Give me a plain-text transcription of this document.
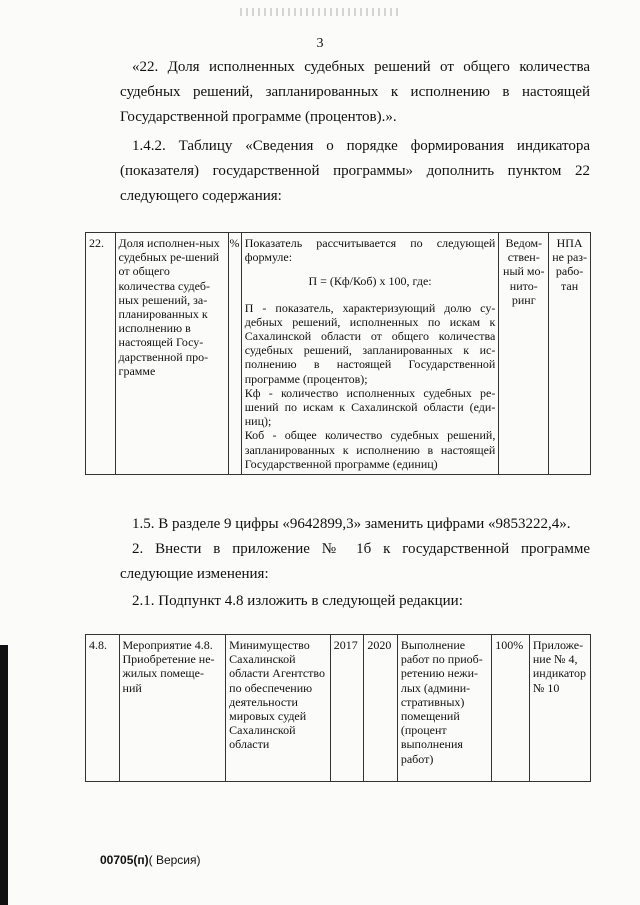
3
«22. Доля исполненных судебных решений от общего количества судебных решений, запланированных к исполнению в настоящей Государственной программе (процентов).».
1.4.2. Таблицу «Сведения о порядке формирования индикатора (показателя) государственной программы» дополнить пунктом 22 следующего содержания:
22.	Доля исполнен-ных судебных ре-шений от общего количества судеб-ных решений, за-планированных к исполнению в настоящей Госу-дарственной про-грамме	%	Показатель рассчитывается по следующей формуле:
П = (Кф/Коб) х 100, где:
П - показатель, характеризующий долю су-дебных решений, исполненных по искам к Сахалинской области от общего количества судебных решений, запланированных к ис-полнению в настоящей Государственной программе (процентов);
Кф - количество исполненных судебных ре-шений по искам к Сахалинской области (еди-ниц);
Коб - общее количество судебных решений, запланированных к исполнению в настоящей Государственной программе (единиц)
	Ведом-ствен-ный мо-нито-ринг	НПА не раз-рабо-тан
1.5. В разделе 9 цифры «9642899,3» заменить цифрами «9853222,4».
2. Внести в приложение № 1б к государственной программе следующие изменения:
2.1. Подпункт 4.8 изложить в следующей редакции:
4.8.	Мероприятие 4.8. Приобретение не-жилых помеще-ний	Минимущество Сахалинской области Агентство по обеспечению деятельности мировых судей Сахалинской области	2017	2020	Выполнение работ по приоб-ретению нежи-лых (админи-стративных) помещений (процент выполнения работ)	100%	Приложе-ние № 4, индикатор № 10
00705(п)( Версия)
